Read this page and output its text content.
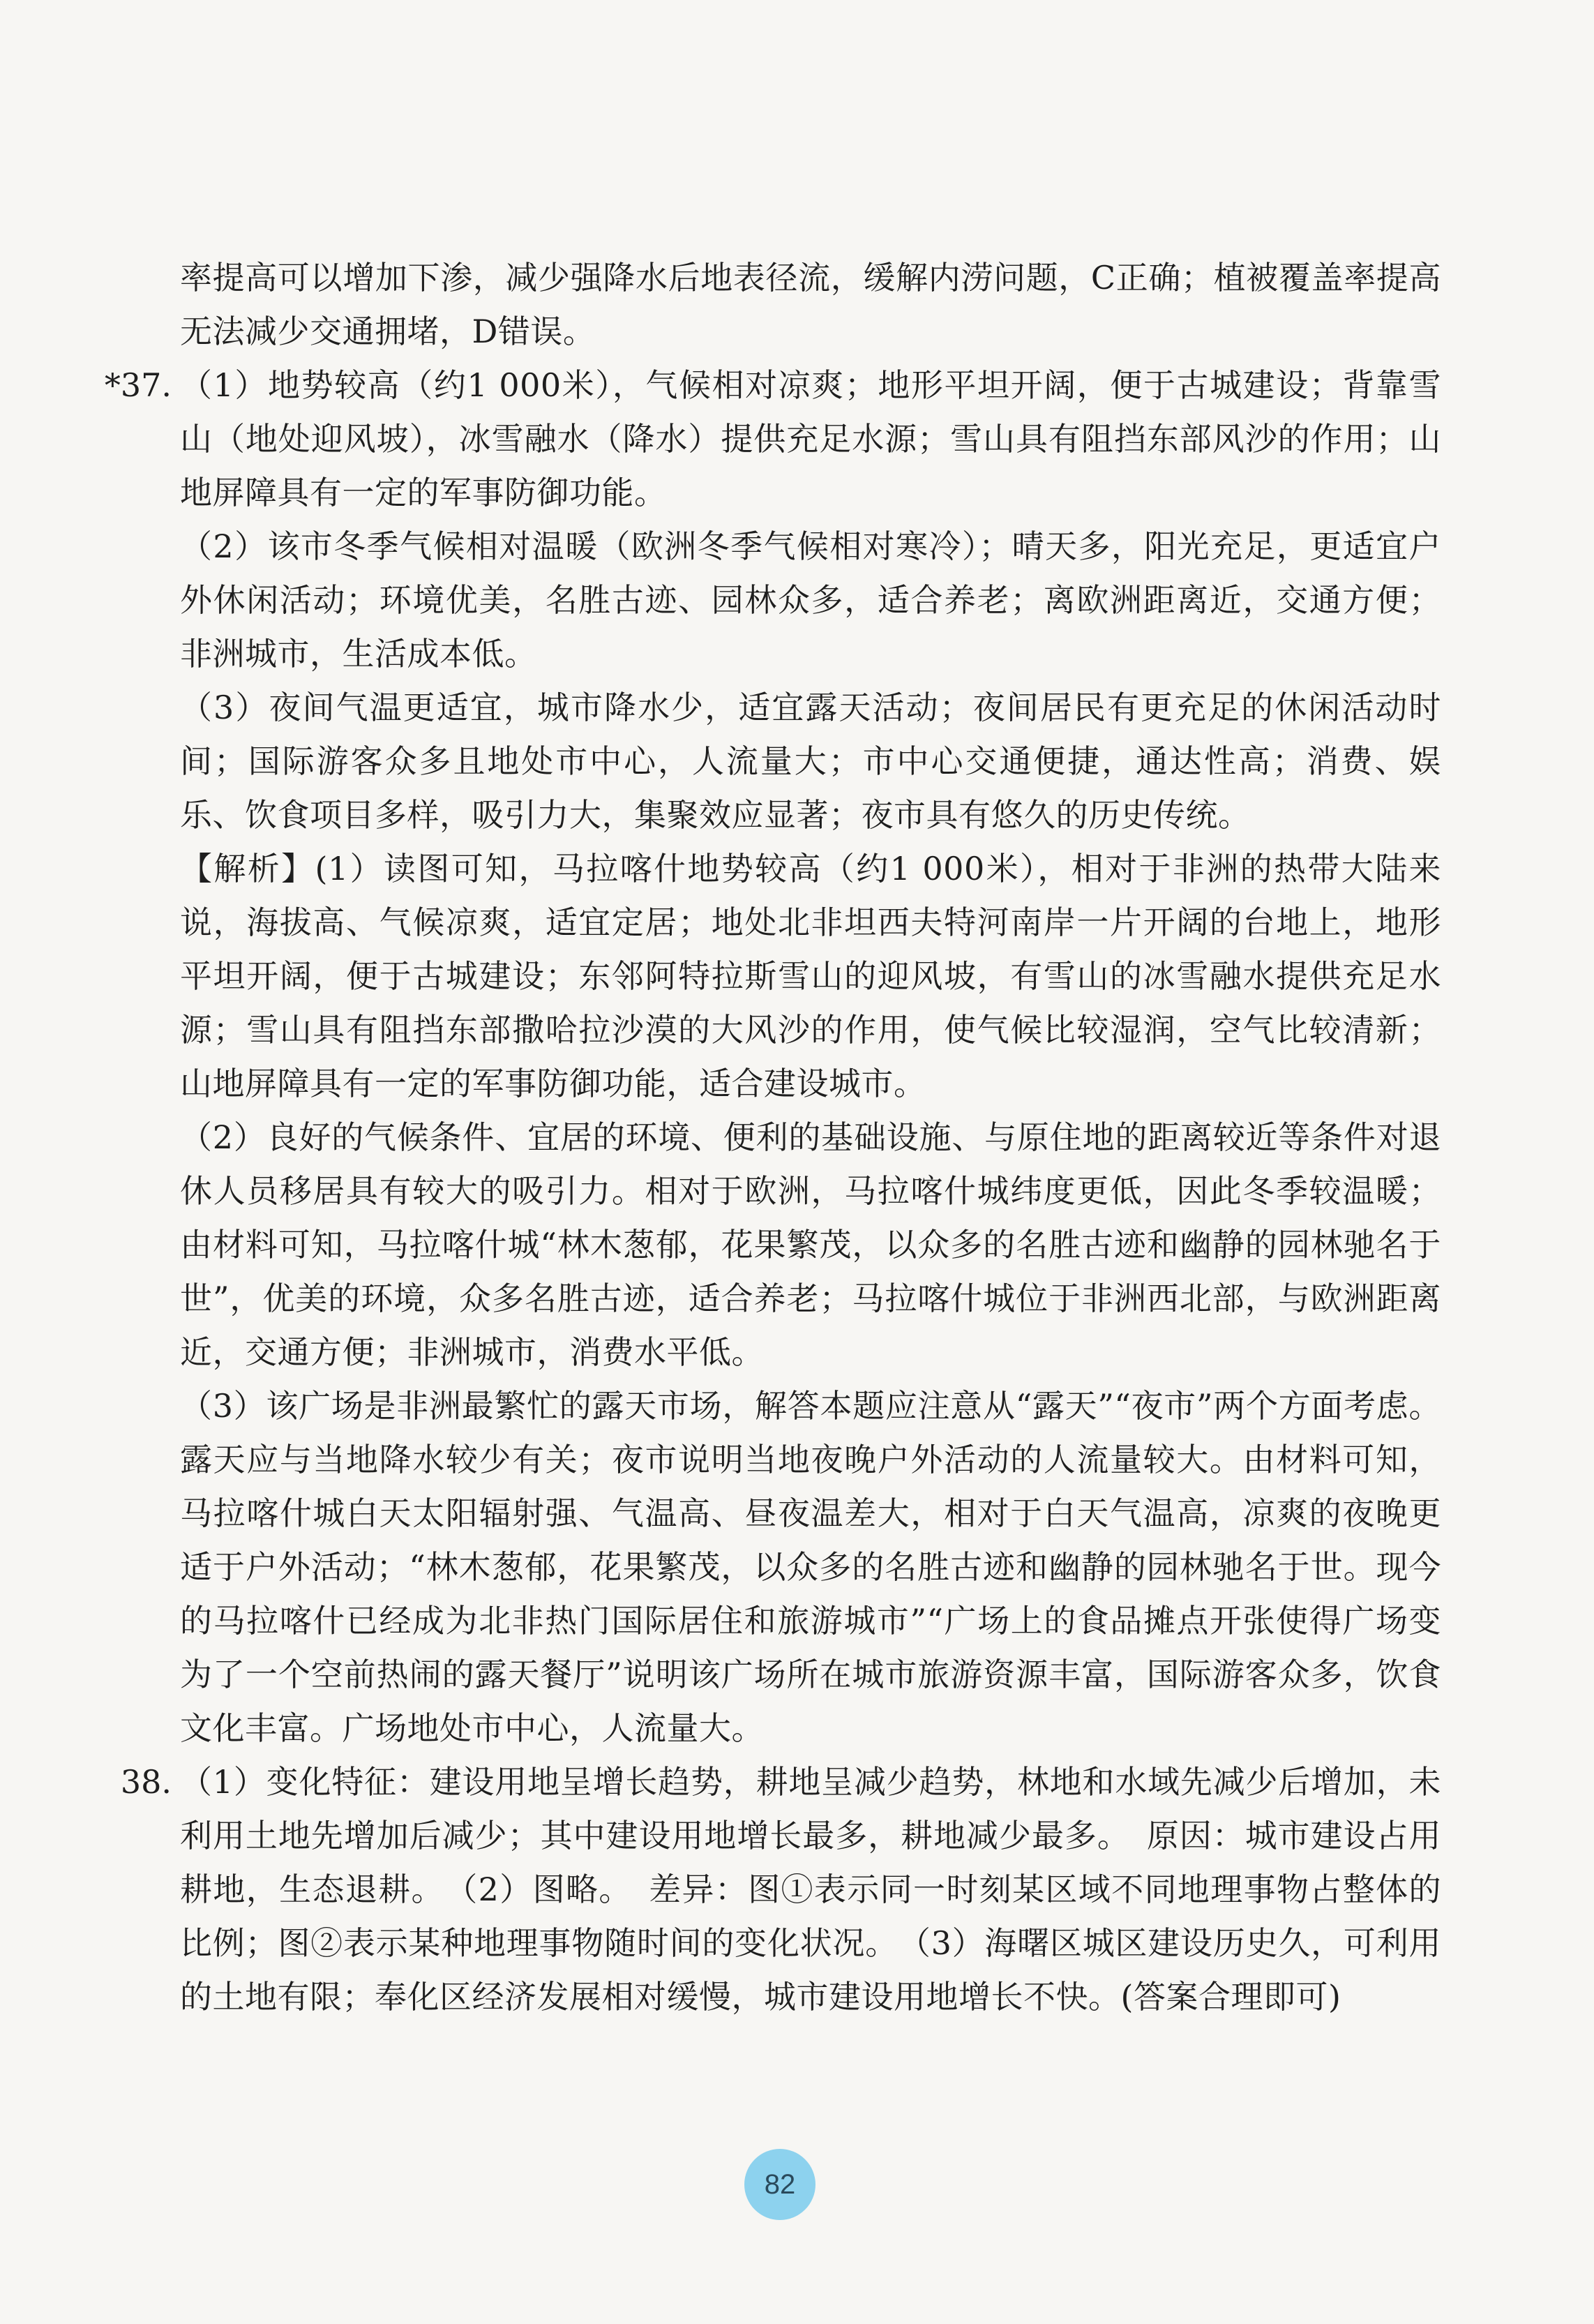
率提高可以增加下渗，减少强降水后地表径流，缓解内涝问题，C正确；植被覆盖率提高无法减少交通拥堵，D错误。

*37. （1）地势较高（约1 000米），气候相对凉爽；地形平坦开阔，便于古城建设；背靠雪山（地处迎风坡），冰雪融水（降水）提供充足水源；雪山具有阻挡东部风沙的作用；山地屏障具有一定的军事防御功能。

（2）该市冬季气候相对温暖（欧洲冬季气候相对寒冷）；晴天多，阳光充足，更适宜户外休闲活动；环境优美，名胜古迹、园林众多，适合养老；离欧洲距离近，交通方便；非洲城市，生活成本低。

（3）夜间气温更适宜，城市降水少，适宜露天活动；夜间居民有更充足的休闲活动时间；国际游客众多且地处市中心，人流量大；市中心交通便捷，通达性高；消费、娱乐、饮食项目多样，吸引力大，集聚效应显著；夜市具有悠久的历史传统。

【解析】(1）读图可知，马拉喀什地势较高（约1 000米），相对于非洲的热带大陆来说，海拔高、气候凉爽，适宜定居；地处北非坦西夫特河南岸一片开阔的台地上，地形平坦开阔，便于古城建设；东邻阿特拉斯雪山的迎风坡，有雪山的冰雪融水提供充足水源；雪山具有阻挡东部撒哈拉沙漠的大风沙的作用，使气候比较湿润，空气比较清新；山地屏障具有一定的军事防御功能，适合建设城市。

（2）良好的气候条件、宜居的环境、便利的基础设施、与原住地的距离较近等条件对退休人员移居具有较大的吸引力。相对于欧洲，马拉喀什城纬度更低，因此冬季较温暖；由材料可知，马拉喀什城“林木葱郁，花果繁茂，以众多的名胜古迹和幽静的园林驰名于世”，优美的环境，众多名胜古迹，适合养老；马拉喀什城位于非洲西北部，与欧洲距离近，交通方便；非洲城市，消费水平低。

（3）该广场是非洲最繁忙的露天市场，解答本题应注意从“露天”“夜市”两个方面考虑。露天应与当地降水较少有关；夜市说明当地夜晚户外活动的人流量较大。由材料可知，马拉喀什城白天太阳辐射强、气温高、昼夜温差大，相对于白天气温高，凉爽的夜晚更适于户外活动；“林木葱郁，花果繁茂，以众多的名胜古迹和幽静的园林驰名于世。现今的马拉喀什已经成为北非热门国际居住和旅游城市”“广场上的食品摊点开张使得广场变为了一个空前热闹的露天餐厅”说明该广场所在城市旅游资源丰富，国际游客众多，饮食文化丰富。广场地处市中心，人流量大。

38. （1）变化特征：建设用地呈增长趋势，耕地呈减少趋势，林地和水域先减少后增加，未利用土地先增加后减少；其中建设用地增长最多，耕地减少最多。　原因：城市建设占用耕地，生态退耕。　（2）图略。　差异：图①表示同一时刻某区域不同地理事物占整体的比例；图②表示某种地理事物随时间的变化状况。　（3）海曙区城区建设历史久，可利用的土地有限；奉化区经济发展相对缓慢，城市建设用地增长不快。(答案合理即可)

82
